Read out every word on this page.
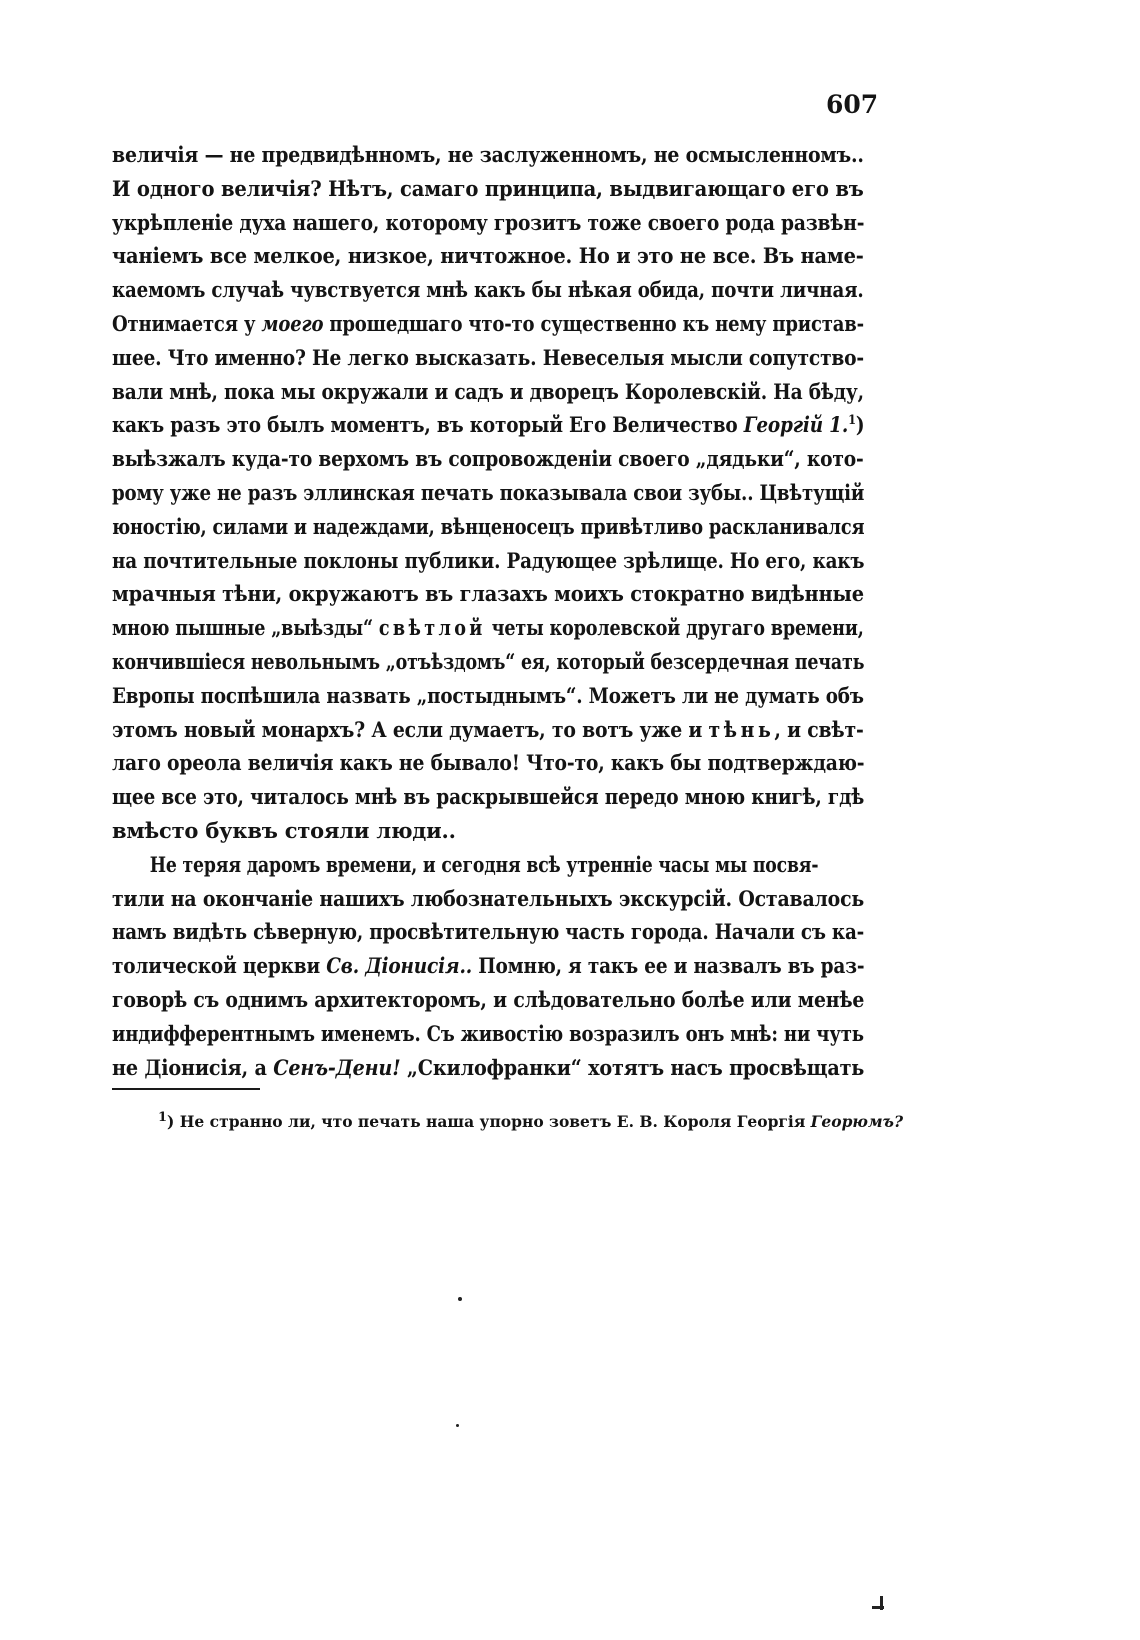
607
величія — не предвидѣнномъ, не заслуженномъ, не осмысленномъ..
И одного величія? Нѣтъ, самаго принципа, выдвигающаго его въ
укрѣпленіе духа нашего, которому грозитъ тоже своего рода развѣн-
чаніемъ все мелкое, низкое, ничтожное. Но и это не все. Въ наме-
каемомъ случаѣ чувствуется мнѣ какъ бы нѣкая обида, почти личная.
Отнимается у моего прошедшаго что-то существенно къ нему пристав‑
шее. Что именно? Не легко высказать. Невеселыя мысли сопутство-
вали мнѣ, пока мы окружали и садъ и дворецъ Королевскій. На бѣду,
какъ разъ это былъ моментъ, въ который Его Величество Георгій 1.$^1$)
выѣзжалъ куда-то верхомъ въ сопровожденіи своего „дядьки“, кото-
рому уже не разъ эллинская печать показывала свои зубы.. Цвѣтущій
юностію, силами и надеждами, вѣнценосецъ привѣтливо раскланивался
на почтительные поклоны публики. Радующее зрѣлище. Но его, какъ
мрачныя тѣни, окружаютъ въ глазахъ моихъ стократно видѣнные
мною пышные „выѣзды“ свѣтлой четы королевской другаго времени,
кончившіеся невольнымъ „отъѣздомъ“ ея, который безсердечная печать
Европы поспѣшила назвать „постыднымъ“. Можетъ ли не думать объ
этомъ новый монархъ? А если думаетъ, то вотъ уже и тѣнь, и свѣт-
лаго ореола величія какъ не бывало! Что-то, какъ бы подтверждаю-
щее все это, читалось мнѣ въ раскрывшейся передо мною книгѣ, гдѣ
вмѣсто буквъ стояли люди..
Не теряя даромъ времени, и сегодня всѣ утренніе часы мы посвя-
тили на окончаніе нашихъ любознательныхъ экскурсій. Оставалось
намъ видѣть сѣверную, просвѣтительную часть города. Начали съ ка-
толической церкви Св. Діонисія.. Помню, я такъ ее и назвалъ въ раз-
говорѣ съ однимъ архитекторомъ, и слѣдовательно болѣе или менѣе
индифферентнымъ именемъ. Съ живостію возразилъ онъ мнѣ: ни чуть
не Діонисія, а Сенъ-Дени! „Скилофранки“ хотятъ насъ просвѣщать
$^1$) Не странно ли, что печать наша упорно зоветъ Е. В. Короля Георгія Георюмъ?
